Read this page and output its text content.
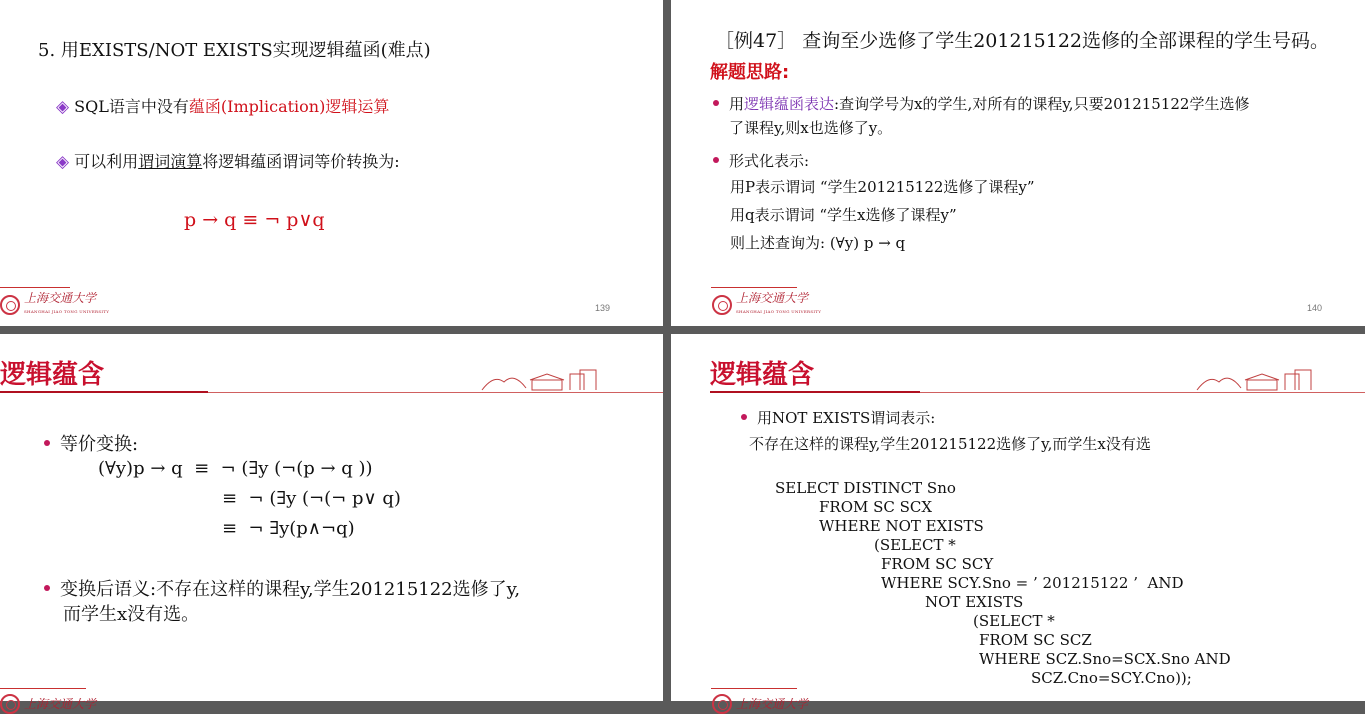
5. 用EXISTS/NOT EXISTS实现逻辑蕴函(难点)
◈ SQL语言中没有蕴函(Implication)逻辑运算
◈ 可以利用谓词演算将逻辑蕴函谓词等价转换为:
p → q ≡ ¬ p∨q
上海交通大学
SHANGHAI JIAO TONG UNIVERSITY	139
［例47］ 查询至少选修了学生201215122选修的全部课程的学生号码。
解题思路:
用逻辑蕴函表达:查询学号为x的学生,对所有的课程y,只要201215122学生选修
了课程y,则x也选修了y。
形式化表示:
用P表示谓词 “学生201215122选修了课程y”
用q表示谓词 “学生x选修了课程y”
则上述查询为: (∀y) p → q
上海交通大学
SHANGHAI JIAO TONG UNIVERSITY	140
逻辑蕴含
等价变换:
(∀y)p → q  ≡  ¬ (∃y (¬(p → q ))
≡  ¬ (∃y (¬(¬ p∨ q)
≡  ¬ ∃y(p∧¬q)
变换后语义:不存在这样的课程y,学生201215122选修了y,
而学生x没有选。
上海交通大学
逻辑蕴含
用NOT EXISTS谓词表示:
不存在这样的课程y,学生201215122选修了y,而学生x没有选
SELECT DISTINCT Sno
FROM SC SCX
WHERE NOT EXISTS
(SELECT *
FROM SC SCY
WHERE SCY.Sno = ’ 201215122 ’  AND
NOT EXISTS
(SELECT *
FROM SC SCZ
WHERE SCZ.Sno=SCX.Sno AND
SCZ.Cno=SCY.Cno));
上海交通大学
